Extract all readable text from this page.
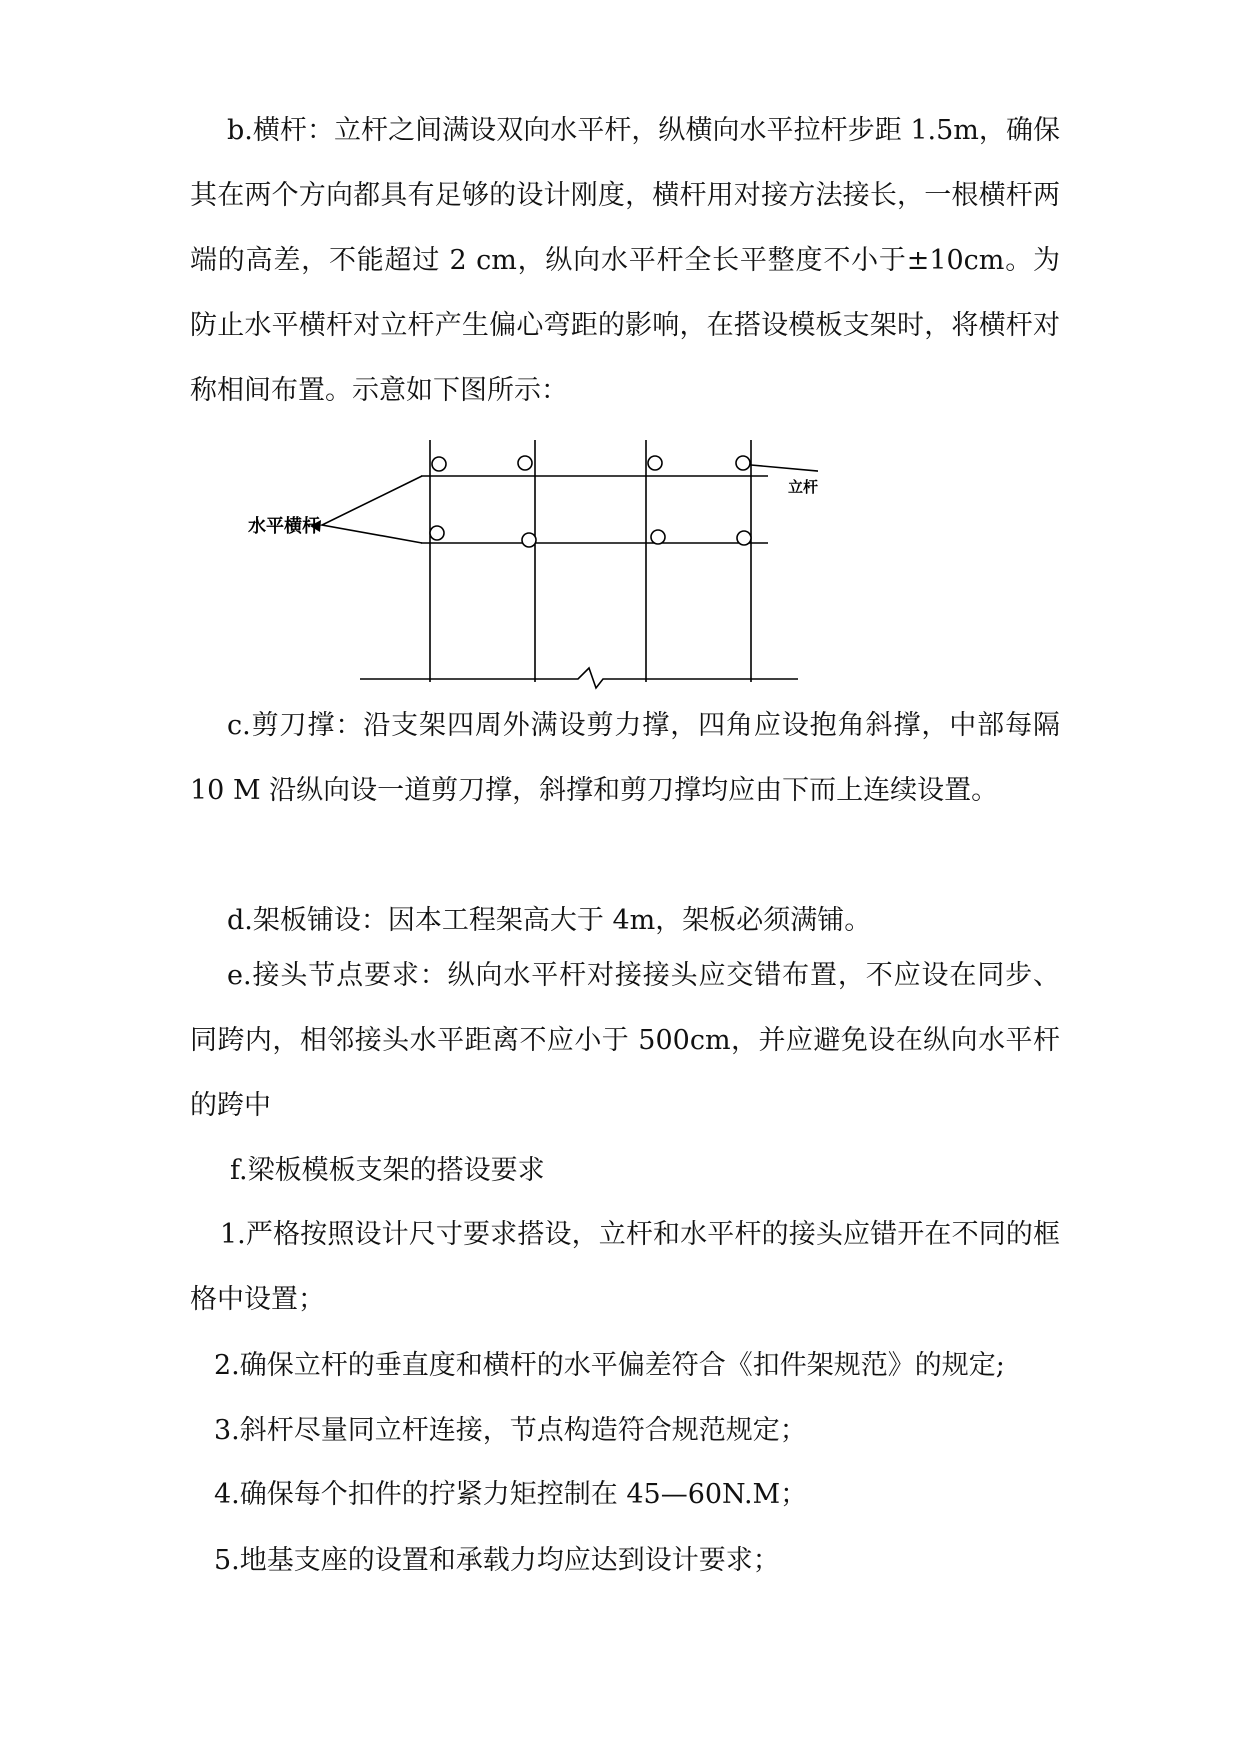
b.横杆：立杆之间满设双向水平杆，纵横向水平拉杆步距 1.5m，确保其在两个方向都具有足够的设计刚度，横杆用对接方法接长，一根横杆两端的高差，不能超过 2 cm，纵向水平杆全长平整度不小于±10cm。为防止水平横杆对立杆产生偏心弯距的影响，在搭设模板支架时，将横杆对称相间布置。示意如下图所示：

水平横杆
立杆

c.剪刀撑：沿支架四周外满设剪力撑，四角应设抱角斜撑，中部每隔 10 M 沿纵向设一道剪刀撑，斜撑和剪刀撑均应由下而上连续设置。

d.架板铺设：因本工程架高大于 4m，架板必须满铺。

e.接头节点要求：纵向水平杆对接接头应交错布置，不应设在同步、同跨内，相邻接头水平距离不应小于 500cm，并应避免设在纵向水平杆的跨中

f.梁板模板支架的搭设要求

1.严格按照设计尺寸要求搭设，立杆和水平杆的接头应错开在不同的框格中设置；

2.确保立杆的垂直度和横杆的水平偏差符合《扣件架规范》的规定;

3.斜杆尽量同立杆连接，节点构造符合规范规定；

4.确保每个扣件的拧紧力矩控制在 45—60N.M；

5.地基支座的设置和承载力均应达到设计要求；
